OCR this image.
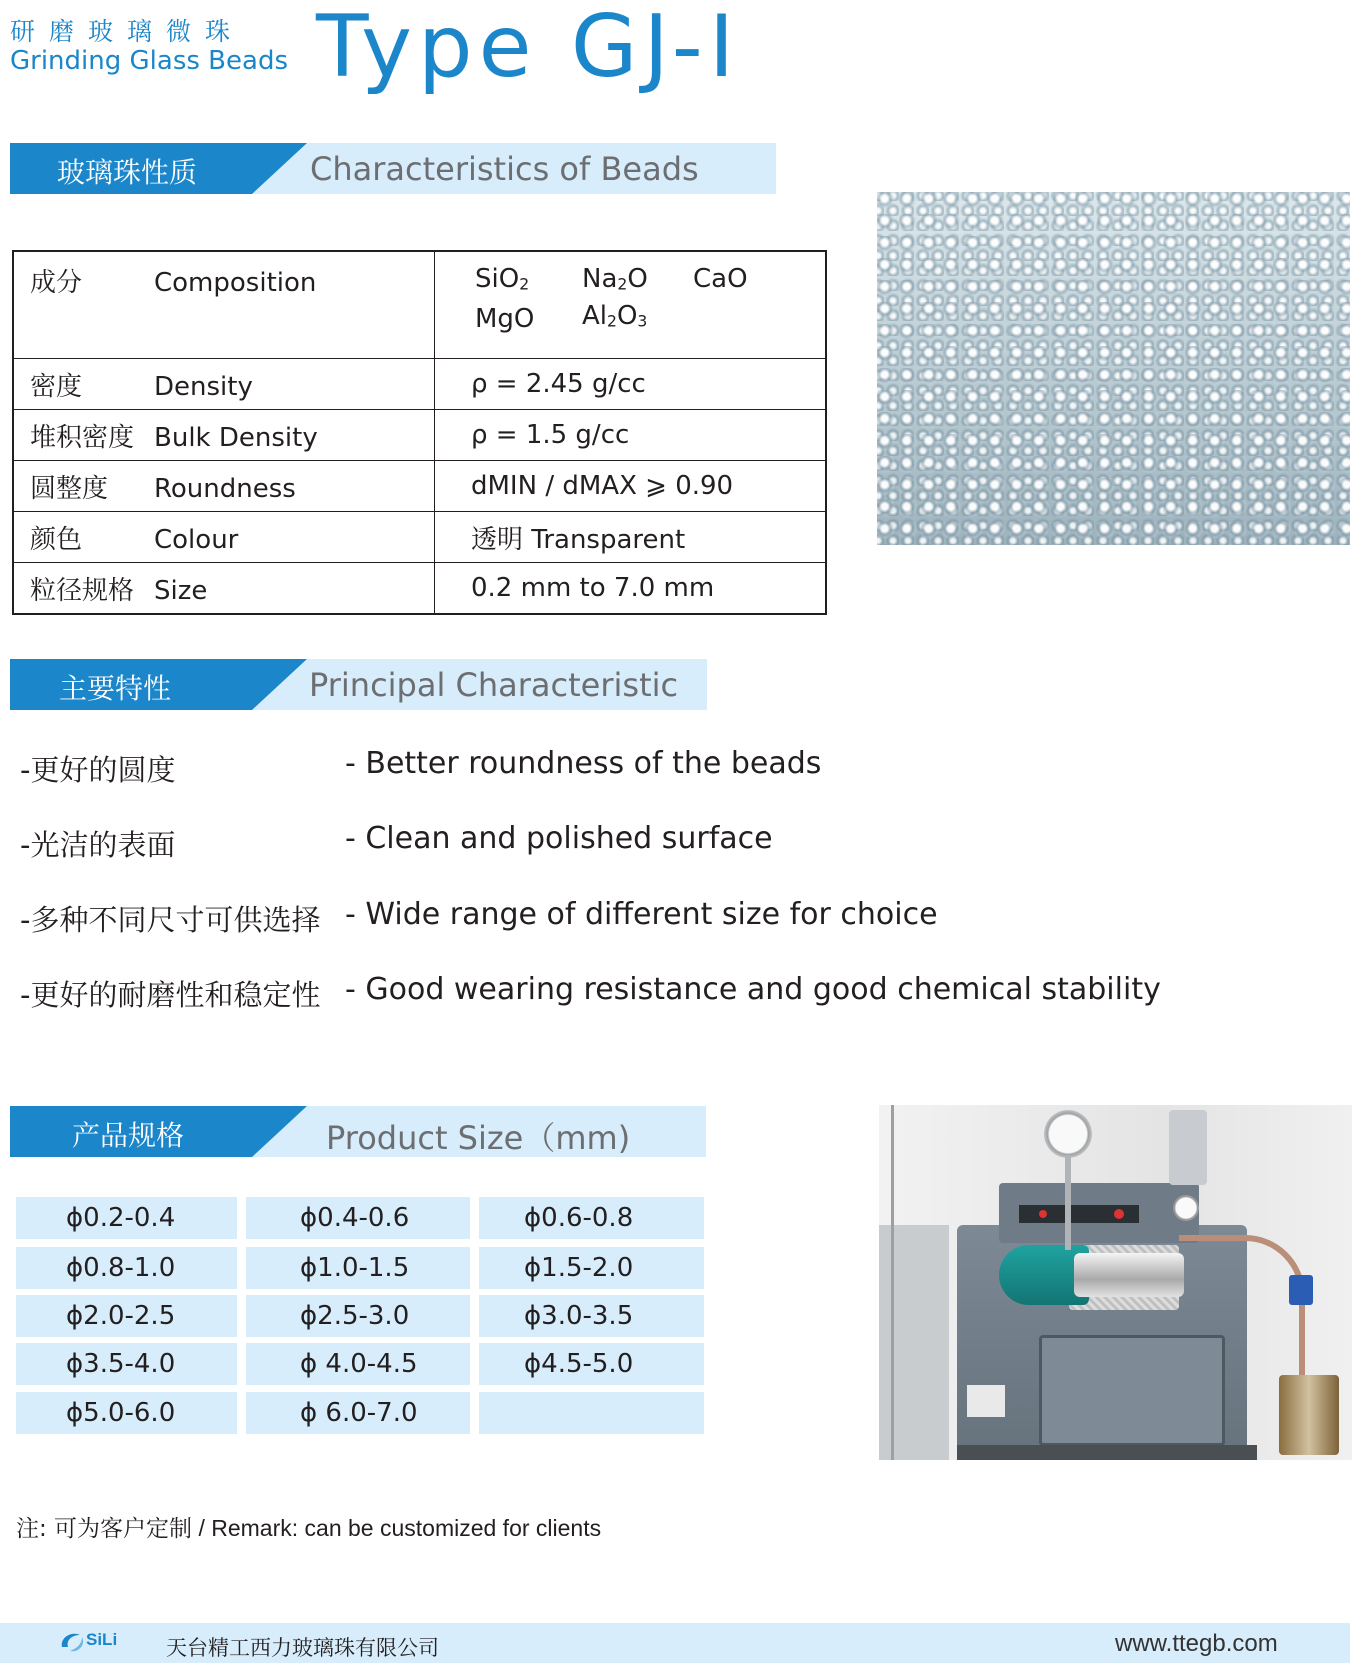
研磨玻璃微珠
Grinding Glass Beads Type GJ-I
玻璃珠性质	Characteristics of Beads
成分 Composition	SiO$_2$ $Na_2O$ CaO
MgO $Al_2O_3$

密度 Density	ρ = 2.45 g/cc
堆积密度 Bulk Density	ρ = 1.5 g/cc
圆整度 Roundness	dMIN / dMAX ⩾ 0.90
颜色 Colour	透明 Transparent
粒径规格 Size	0.2 mm to 7.0 mm
主要特性	Principal Characteristic
-更好的圆度	- Better roundness of the beads
-光洁的表面	- Clean and polished surface
-多种不同尺寸可供选择 - Wide range of different size for choice
-更好的耐磨性和稳定性 - Good wearing resistance and good chemical stability
产品规格	Product Size（mm)
ϕ0.2-0.4	ϕ0.4-0.6	ϕ0.6-0.8
ϕ0.8-1.0	ϕ1.0-1.5	ϕ1.5-2.0
ϕ2.0-2.5	ϕ2.5-3.0	ϕ3.0-3.5
ϕ3.5-4.0	ϕ 4.0-4.5	ϕ4.5-5.0
ϕ5.0-6.0	ϕ 6.0-7.0
注: 可为客户定制 / Remark: can be customized for clients
SiLi 天台精工西力玻璃珠有限公司	www.ttegb.com
